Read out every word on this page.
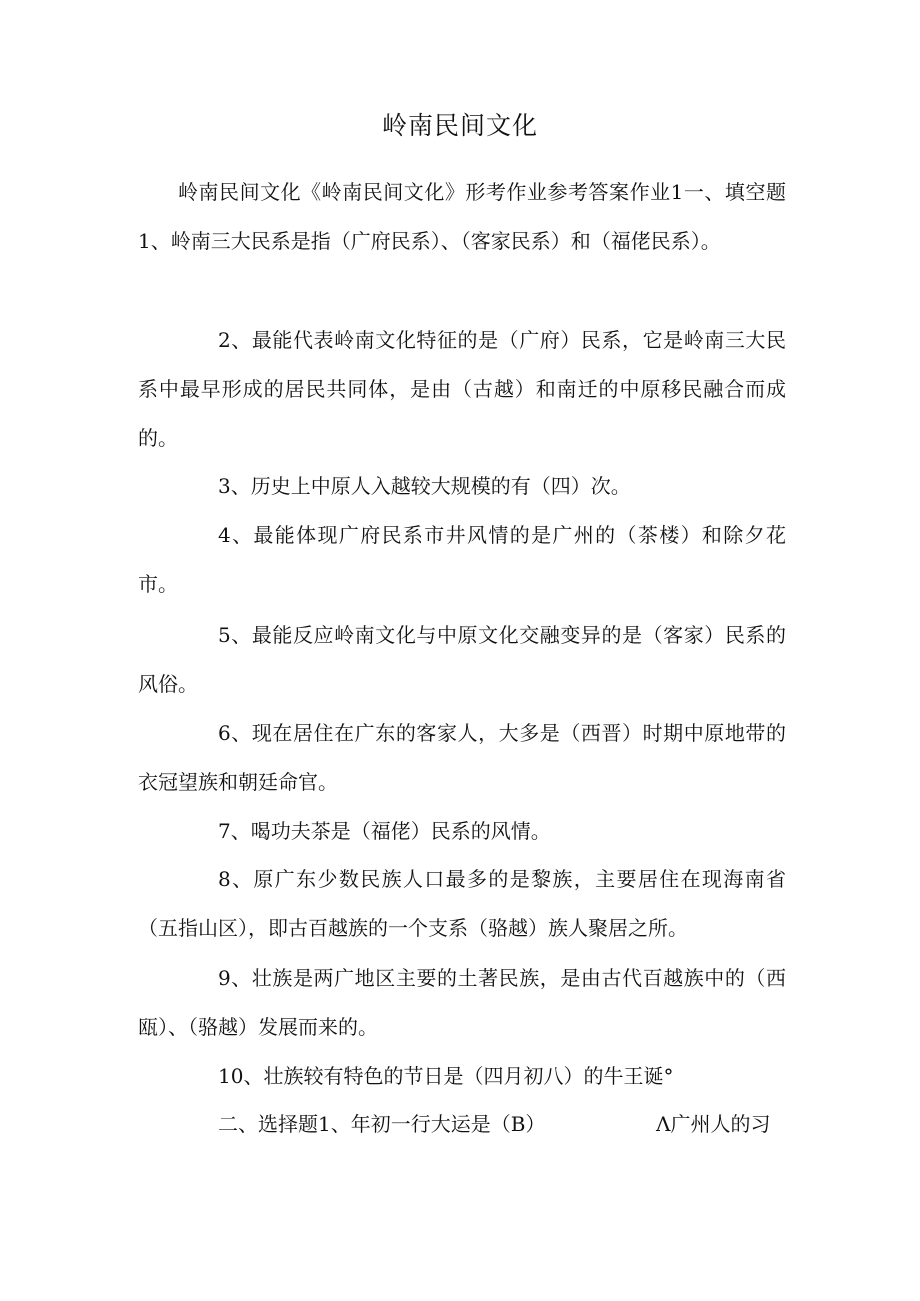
岭南民间文化
岭南民间文化《岭南民间文化》形考作业参考答案作业1一、填空题1、岭南三大民系是指（广府民系）、（客家民系）和（福佬民系）。
2、最能代表岭南文化特征的是（广府）民系，它是岭南三大民系中最早形成的居民共同体，是由（古越）和南迁的中原移民融合而成的。
3、历史上中原人入越较大规模的有（四）次。
4、最能体现广府民系市井风情的是广州的（茶楼）和除夕花市。
5、最能反应岭南文化与中原文化交融变异的是（客家）民系的风俗。
6、现在居住在广东的客家人，大多是（西晋）时期中原地带的衣冠望族和朝廷命官。
7、喝功夫茶是（福佬）民系的风情。
8、原广东少数民族人口最多的是黎族，主要居住在现海南省（五指山区），即古百越族的一个支系（骆越）族人聚居之所。
9、壮族是两广地区主要的土著民族，是由古代百越族中的（西瓯）、（骆越）发展而来的。
10、壮族较有特色的节日是（四月初八）的牛王诞°
二、选择题1、年初一行大运是（B）	Λ广州人的习
